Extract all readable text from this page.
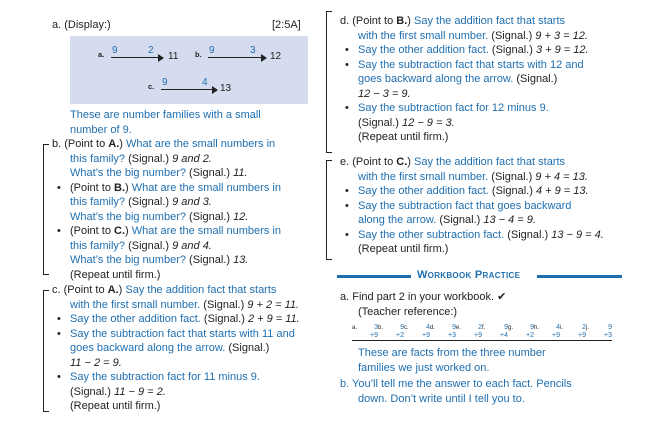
a. (Display:)	[2:5A]
a. 9	2
11 b. 9	3
12
c. 9	4
13
These are number families with a small
number of 9.
b. (Point to A.) What are the small numbers in
this family? (Signal.) 9 and 2.
What’s the big number? (Signal.) 11.
• (Point to B.) What are the small numbers in
this family? (Signal.) 9 and 3.
What’s the big number? (Signal.) 12.
• (Point to C.) What are the small numbers in
this family? (Signal.) 9 and 4.
What’s the big number? (Signal.) 13.
(Repeat until firm.)
c. (Point to A.) Say the addition fact that starts
with the first small number. (Signal.) 9 + 2 = 11.
• Say the other addition fact. (Signal.) 2 + 9 = 11.
• Say the subtraction fact that starts with 11 and
goes backward along the arrow. (Signal.)
11 − 2 = 9.
• Say the subtraction fact for 11 minus 9.
(Signal.) 11 − 9 = 2.
(Repeat until firm.)
d. (Point to B.) Say the addition fact that starts
with the first small number. (Signal.) 9 + 3 = 12.
• Say the other addition fact. (Signal.) 3 + 9 = 12.
• Say the subtraction fact that starts with 12 and
goes backward along the arrow. (Signal.)
12 − 3 = 9.
• Say the subtraction fact for 12 minus 9.
(Signal.) 12 − 9 = 3.
(Repeat until firm.)
e. (Point to C.) Say the addition fact that starts
with the first small number. (Signal.) 9 + 4 = 13.
• Say the other addition fact. (Signal.) 4 + 9 = 13.
• Say the subtraction fact that goes backward
along the arrow. (Signal.) 13 − 4 = 9.
• Say the other subtraction fact. (Signal.) 13 − 9 = 4.
(Repeat until firm.)
Workbook Practice
a. Find part 2 in your workbook. ✔
(Teacher reference:)
a.	3
+9
b.	9
+2
c.	4
+9
d.	9
+3
e.	2
+9
f.	9
+4
g.	9
+2
h.	4
+9
i.	2
+9
j.	9
+3
These are facts from the three number
families we just worked on.
b. You’ll tell me the answer to each fact. Pencils
down. Don’t write until I tell you to.
